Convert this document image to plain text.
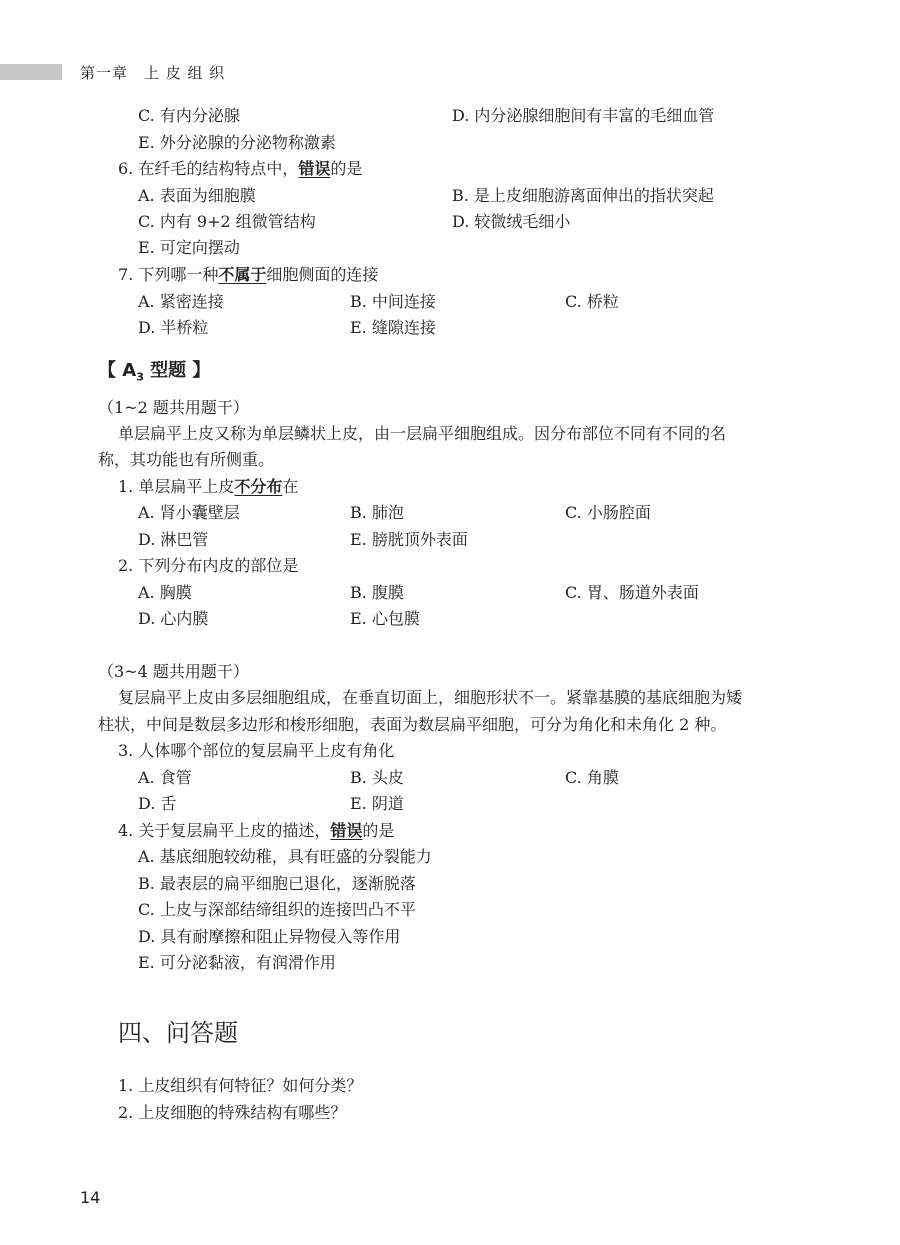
第一章　上 皮 组 织
C. 有内分泌腺	D. 内分泌腺细胞间有丰富的毛细血管
E. 外分泌腺的分泌物称激素
6. 在纤毛的结构特点中，错误的是
A. 表面为细胞膜	B. 是上皮细胞游离面伸出的指状突起
C. 内有 9+2 组微管结构	D. 较微绒毛细小
E. 可定向摆动
7. 下列哪一种不属于细胞侧面的连接
A. 紧密连接	B. 中间连接	C. 桥粒
D. 半桥粒	E. 缝隙连接
【 $A_3$ 型题 】
（1~2 题共用题干）
单层扁平上皮又称为单层鳞状上皮，由一层扁平细胞组成。因分布部位不同有不同的名
称，其功能也有所侧重。
1. 单层扁平上皮不分布在
A. 肾小囊壁层	B. 肺泡	C. 小肠腔面
D. 淋巴管	E. 膀胱顶外表面
2. 下列分布内皮的部位是
A. 胸膜	B. 腹膜	C. 胃、肠道外表面
D. 心内膜	E. 心包膜
（3~4 题共用题干）
复层扁平上皮由多层细胞组成，在垂直切面上，细胞形状不一。紧靠基膜的基底细胞为矮
柱状，中间是数层多边形和梭形细胞，表面为数层扁平细胞，可分为角化和未角化 2 种。
3. 人体哪个部位的复层扁平上皮有角化
A. 食管	B. 头皮	C. 角膜
D. 舌	E. 阴道
4. 关于复层扁平上皮的描述，错误的是
A. 基底细胞较幼稚，具有旺盛的分裂能力
B. 最表层的扁平细胞已退化，逐渐脱落
C. 上皮与深部结缔组织的连接凹凸不平
D. 具有耐摩擦和阻止异物侵入等作用
E. 可分泌黏液，有润滑作用
四、问答题
1. 上皮组织有何特征？如何分类？
2. 上皮细胞的特殊结构有哪些？
14
